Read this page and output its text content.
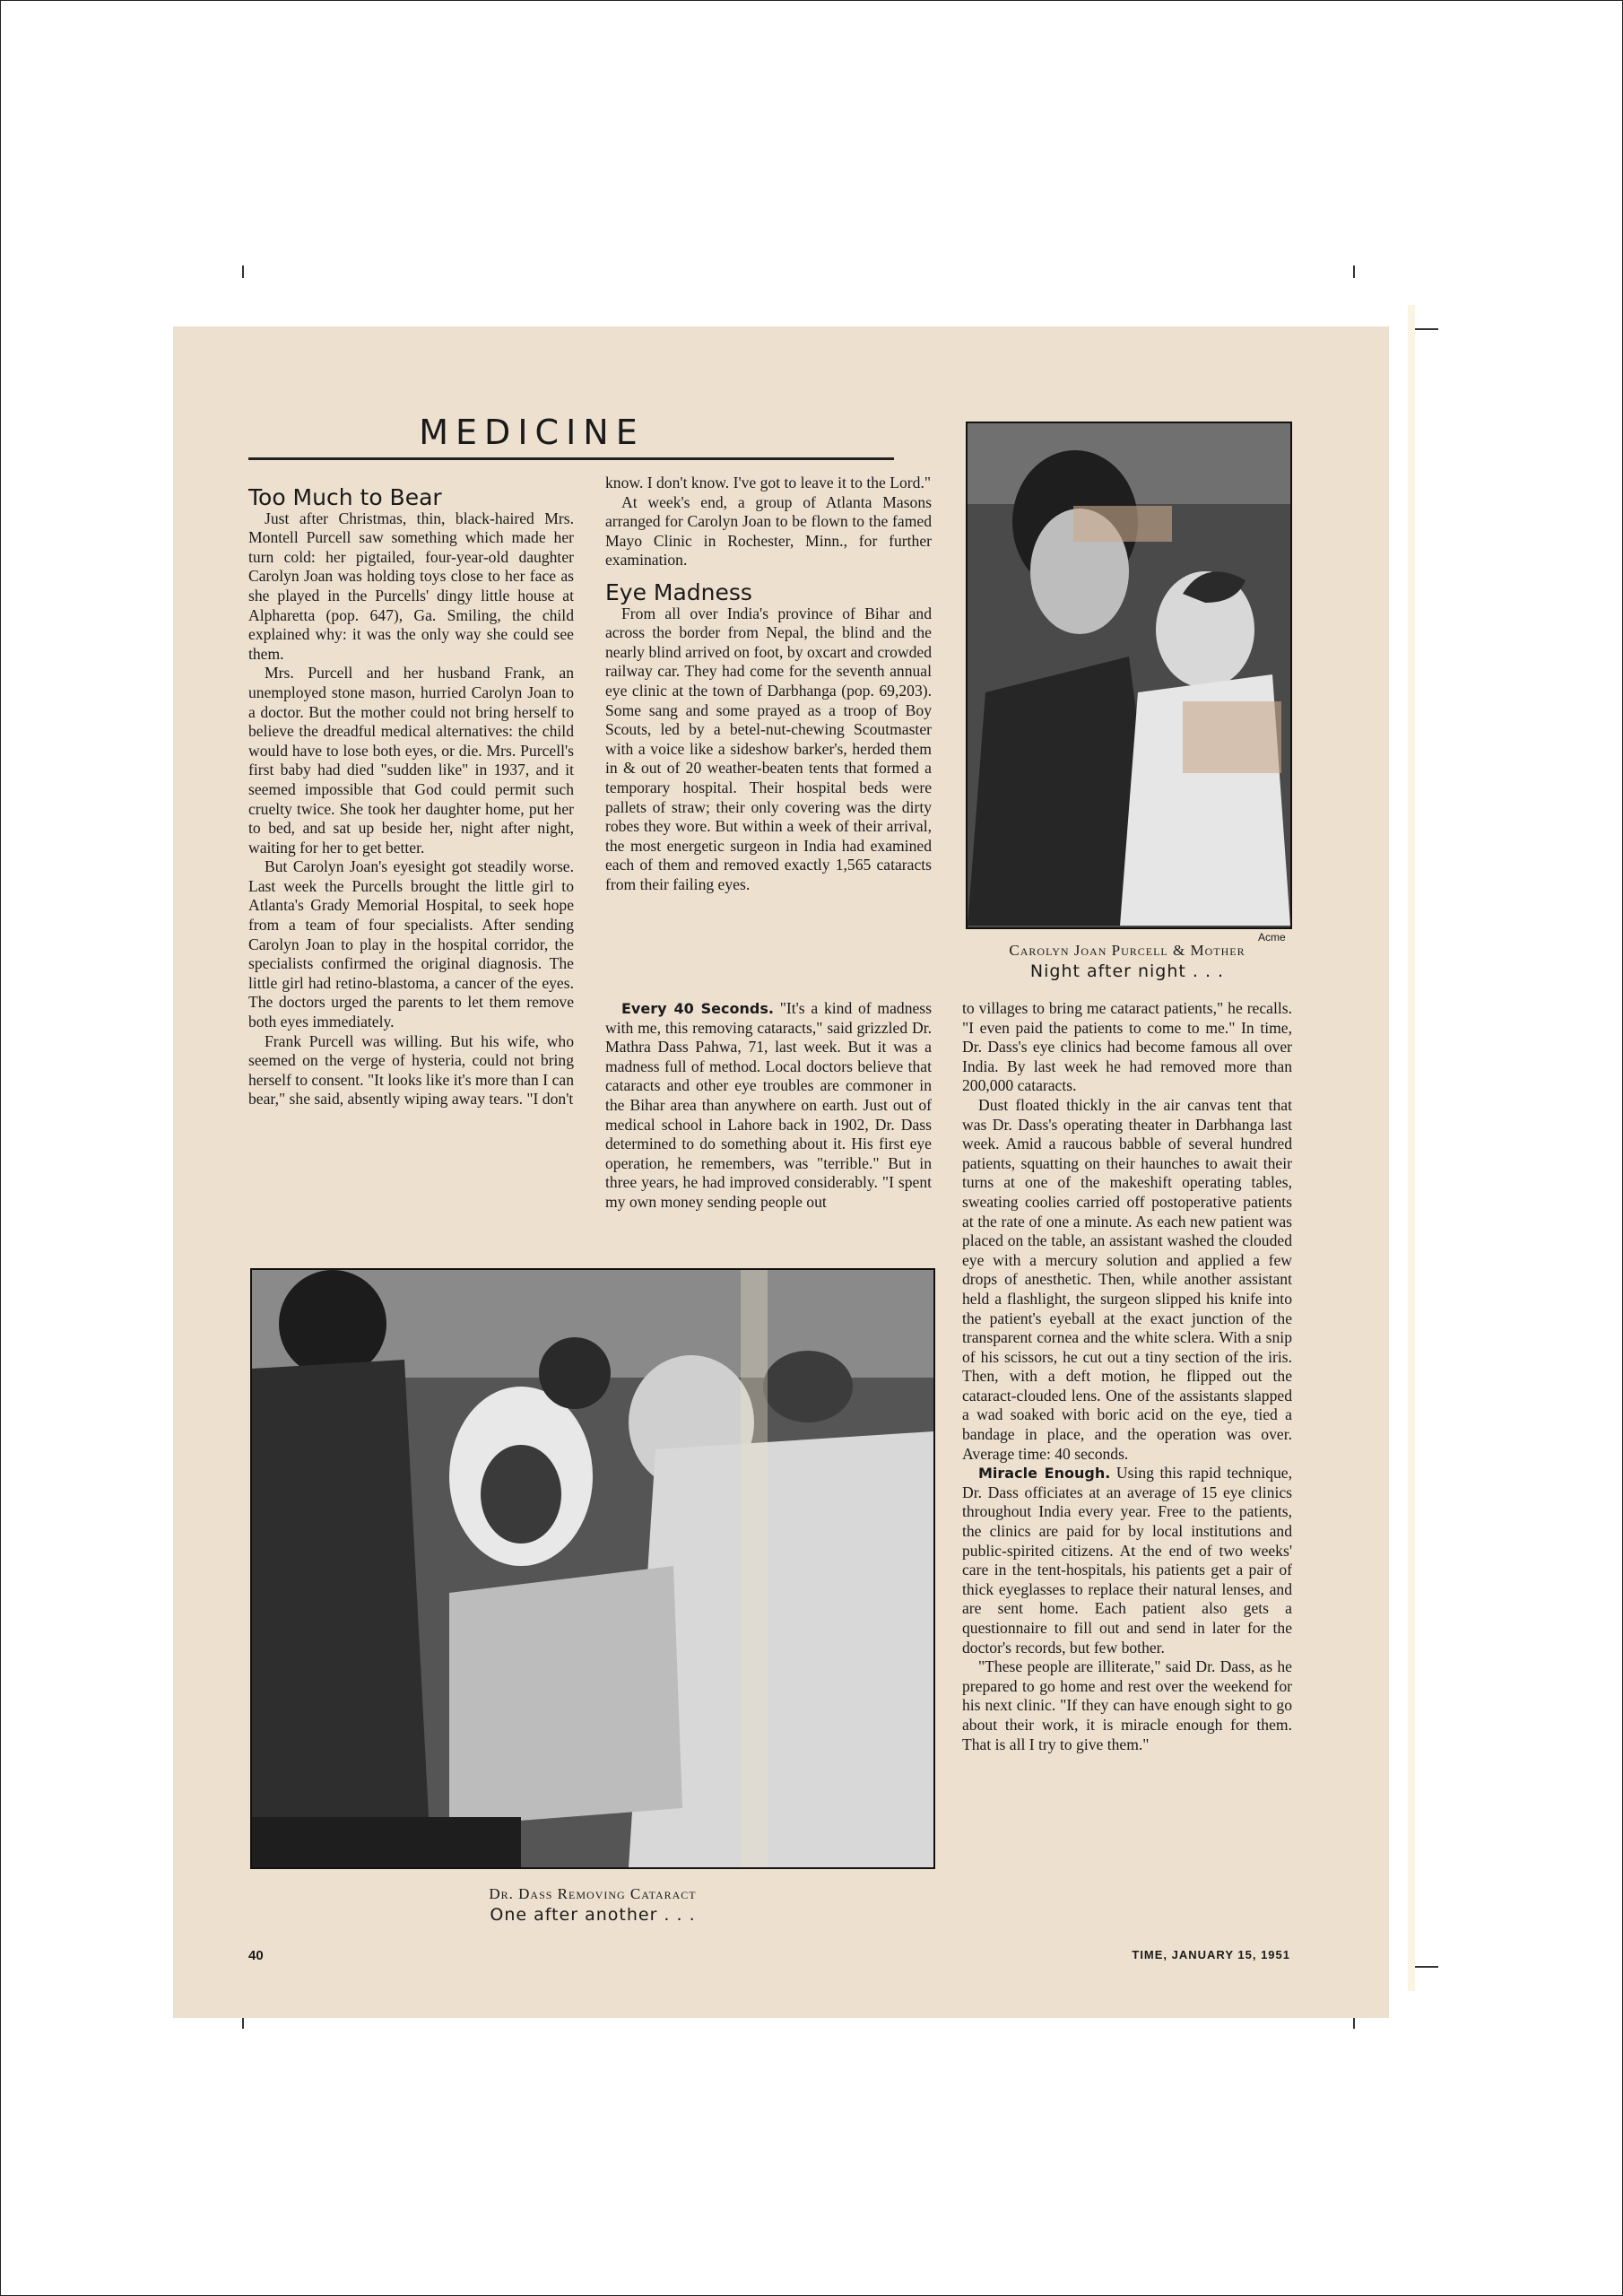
MEDICINE
Too Much to Bear

Just after Christmas, thin, black-haired Mrs. Montell Purcell saw something which made her turn cold: her pigtailed, four-year-old daughter Carolyn Joan was holding toys close to her face as she played in the Purcells' dingy little house at Alpharetta (pop. 647), Ga. Smiling, the child explained why: it was the only way she could see them.

Mrs. Purcell and her husband Frank, an unemployed stone mason, hurried Carolyn Joan to a doctor. But the mother could not bring herself to believe the dreadful medical alternatives: the child would have to lose both eyes, or die. Mrs. Purcell's first baby had died "sudden like" in 1937, and it seemed impossible that God could permit such cruelty twice. She took her daughter home, put her to bed, and sat up beside her, night after night, waiting for her to get better.

But Carolyn Joan's eyesight got steadily worse. Last week the Purcells brought the little girl to Atlanta's Grady Memorial Hospital, to seek hope from a team of four specialists. After sending Carolyn Joan to play in the hospital corridor, the specialists confirmed the original diagnosis. The little girl had retino-blastoma, a cancer of the eyes. The doctors urged the parents to let them remove both eyes immediately.

Frank Purcell was willing. But his wife, who seemed on the verge of hysteria, could not bring herself to consent. "It looks like it's more than I can bear," she said, absently wiping away tears. "I don't

know. I don't know. I've got to leave it to the Lord."

At week's end, a group of Atlanta Masons arranged for Carolyn Joan to be flown to the famed Mayo Clinic in Rochester, Minn., for further examination.

Eye Madness

From all over India's province of Bihar and across the border from Nepal, the blind and the nearly blind arrived on foot, by oxcart and crowded railway car. They had come for the seventh annual eye clinic at the town of Darbhanga (pop. 69,203). Some sang and some prayed as a troop of Boy Scouts, led by a betel-nut-chewing Scoutmaster with a voice like a sideshow barker's, herded them in & out of 20 weather-beaten tents that formed a temporary hospital. Their hospital beds were pallets of straw; their only covering was the dirty robes they wore. But within a week of their arrival, the most energetic surgeon in India had examined each of them and removed exactly 1,565 cataracts from their failing eyes.

Every 40 Seconds. "It's a kind of madness with me, this removing cataracts," said grizzled Dr. Mathra Dass Pahwa, 71, last week. But it was a madness full of method. Local doctors believe that cataracts and other eye troubles are commoner in the Bihar area than anywhere on earth. Just out of medical school in Lahore back in 1902, Dr. Dass determined to do something about it. His first eye operation, he remembers, was "terrible." But in three years, he had improved considerably. "I spent my own money sending people out

Acme
Carolyn Joan Purcell & Mother
Night after night . . .

to villages to bring me cataract patients," he recalls. "I even paid the patients to come to me." In time, Dr. Dass's eye clinics had become famous all over India. By last week he had removed more than 200,000 cataracts.

Dust floated thickly in the air canvas tent that was Dr. Dass's operating theater in Darbhanga last week. Amid a raucous babble of several hundred patients, squatting on their haunches to await their turns at one of the makeshift operating tables, sweating coolies carried off postoperative patients at the rate of one a minute. As each new patient was placed on the table, an assistant washed the clouded eye with a mercury solution and applied a few drops of anesthetic. Then, while another assistant held a flashlight, the surgeon slipped his knife into the patient's eyeball at the exact junction of the transparent cornea and the white sclera. With a snip of his scissors, he cut out a tiny section of the iris. Then, with a deft motion, he flipped out the cataract-clouded lens. One of the assistants slapped a wad soaked with boric acid on the eye, tied a bandage in place, and the operation was over. Average time: 40 seconds.

Miracle Enough. Using this rapid technique, Dr. Dass officiates at an average of 15 eye clinics throughout India every year. Free to the patients, the clinics are paid for by local institutions and public-spirited citizens. At the end of two weeks' care in the tent-hospitals, his patients get a pair of thick eyeglasses to replace their natural lenses, and are sent home. Each patient also gets a questionnaire to fill out and send in later for the doctor's records, but few bother.

"These people are illiterate," said Dr. Dass, as he prepared to go home and rest over the weekend for his next clinic. "If they can have enough sight to go about their work, it is miracle enough for them. That is all I try to give them."

Dr. Dass Removing Cataract
One after another . . .
40	TIME, JANUARY 15, 1951
